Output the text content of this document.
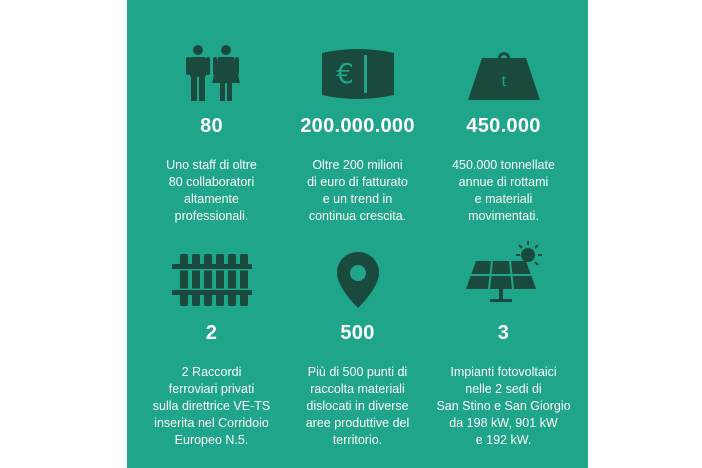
80
Uno staff di oltre
80 collaboratori
altamente
professionali.
€
200.000.000
Oltre 200 milioni
di euro di fatturato
e un trend in
continua crescita.
t
450.000
450.000 tonnellate
annue di rottami
e materiali
movimentati.
2
2 Raccordi
ferroviari privati
sulla direttrice VE-TS
inserita nel Corridoio
Europeo N.5.
500
Più di 500 punti di
raccolta materiali
dislocati in diverse
aree produttive del
territorio.
3
Impianti fotovoltaici
nelle 2 sedi di
San Stino e San Giorgio
da 198 kW, 901 kW
e 192 kW.
